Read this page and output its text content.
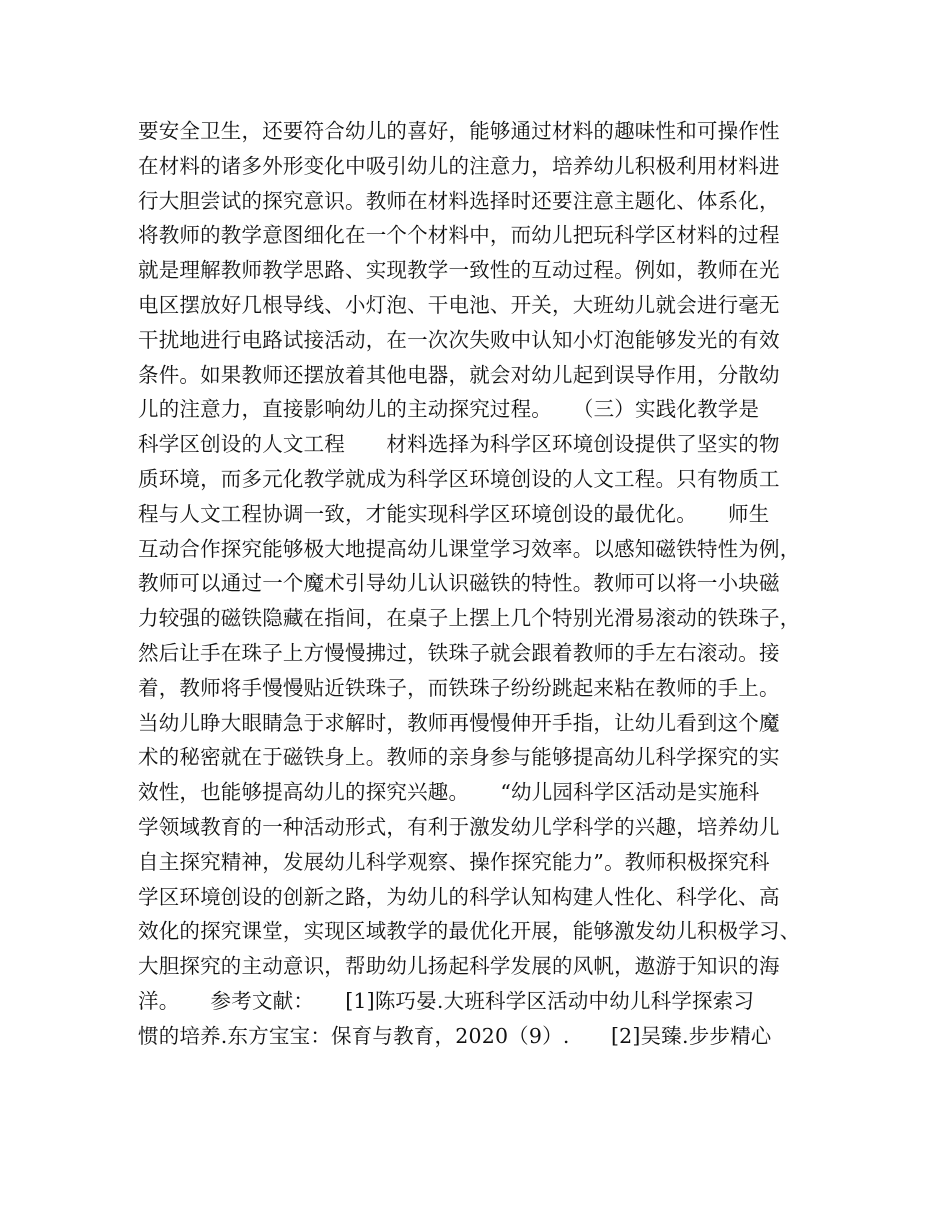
要安全卫生，还要符合幼儿的喜好，能够通过材料的趣味性和可操作性
在材料的诸多外形变化中吸引幼儿的注意力，培养幼儿积极利用材料进
行大胆尝试的探究意识。教师在材料选择时还要注意主题化、体系化，
将教师的教学意图细化在一个个材料中，而幼儿把玩科学区材料的过程
就是理解教师教学思路、实现教学一致性的互动过程。例如，教师在光
电区摆放好几根导线、小灯泡、干电池、开关，大班幼儿就会进行毫无
干扰地进行电路试接活动，在一次次失败中认知小灯泡能够发光的有效
条件。如果教师还摆放着其他电器，就会对幼儿起到误导作用，分散幼
儿的注意力，直接影响幼儿的主动探究过程。　　（三）实践化教学是
科学区创设的人文工程　　材料选择为科学区环境创设提供了坚实的物
质环境，而多元化教学就成为科学区环境创设的人文工程。只有物质工
程与人文工程协调一致，才能实现科学区环境创设的最优化。　　师生
互动合作探究能够极大地提高幼儿课堂学习效率。以感知磁铁特性为例，
教师可以通过一个魔术引导幼儿认识磁铁的特性。教师可以将一小块磁
力较强的磁铁隐藏在指间，在桌子上摆上几个特别光滑易滚动的铁珠子，
然后让手在珠子上方慢慢拂过，铁珠子就会跟着教师的手左右滚动。接
着，教师将手慢慢贴近铁珠子，而铁珠子纷纷跳起来粘在教师的手上。
当幼儿睁大眼睛急于求解时，教师再慢慢伸开手指，让幼儿看到这个魔
术的秘密就在于磁铁身上。教师的亲身参与能够提高幼儿科学探究的实
效性，也能够提高幼儿的探究兴趣。　　“幼儿园科学区活动是实施科
学领域教育的一种活动形式，有利于激发幼儿学科学的兴趣，培养幼儿
自主探究精神，发展幼儿科学观察、操作探究能力”。教师积极探究科
学区环境创设的创新之路，为幼儿的科学认知构建人性化、科学化、高
效化的探究课堂，实现区域教学的最优化开展，能够激发幼儿积极学习、
大胆探究的主动意识，帮助幼儿扬起科学发展的风帆，遨游于知识的海
洋。　　参考文献：　　[1]陈巧晏.大班科学区活动中幼儿科学探索习
惯的培养.东方宝宝：保育与教育，2020（9）.　　[2]吴臻.步步精心
